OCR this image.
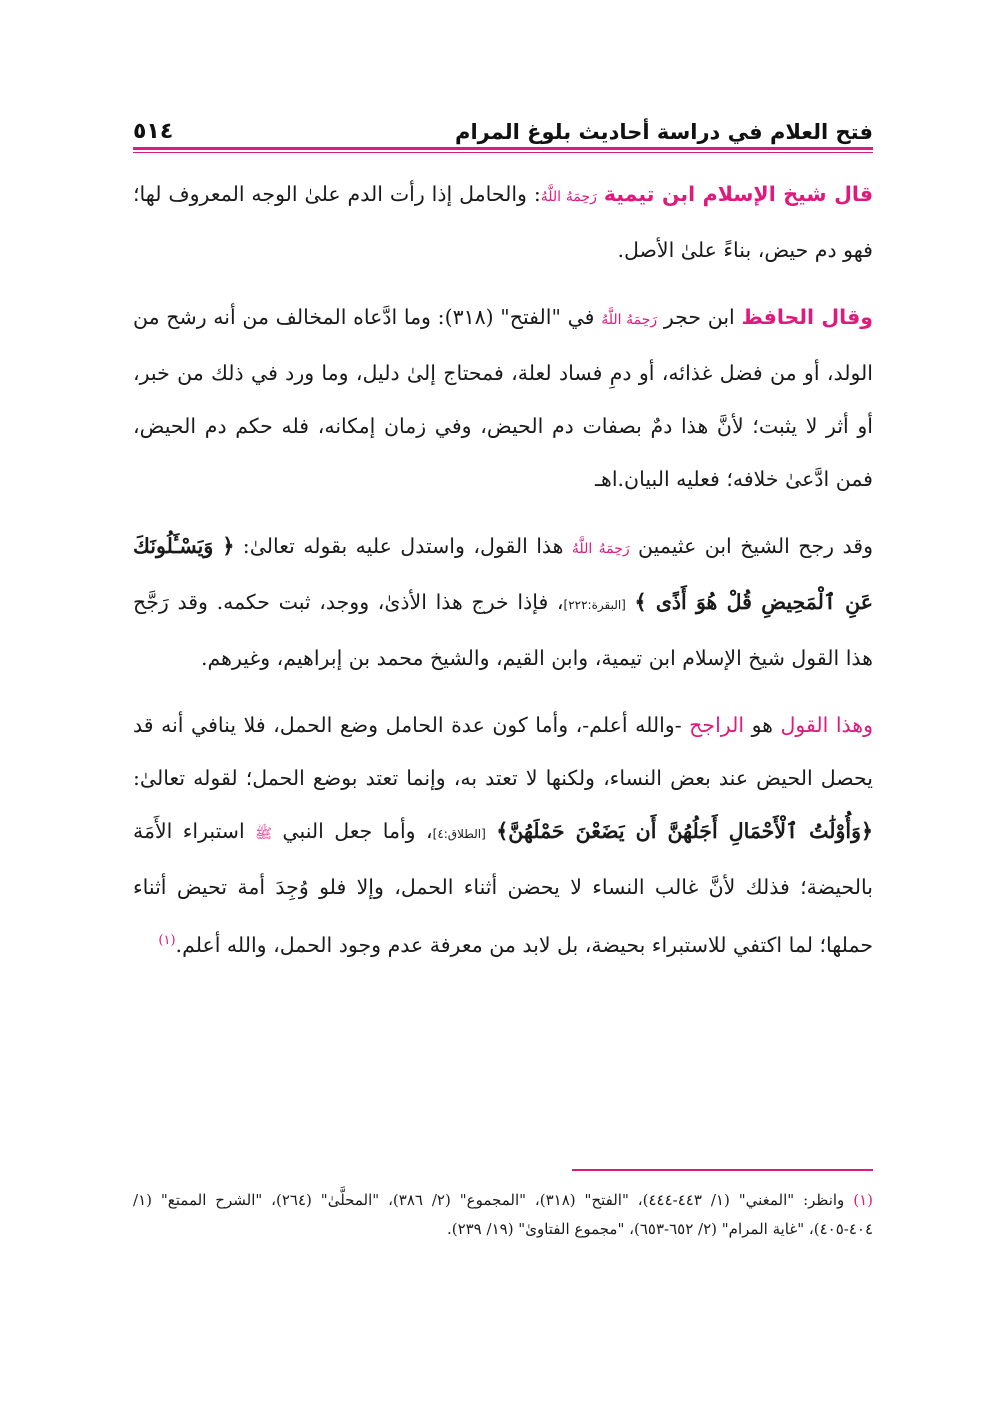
فتح العلام في دراسة أحاديث بلوغ المرام
٥١٤

قال شيخ الإسلام ابن تيمية رَحِمَهُ اللَّهُ: والحامل إذا رأت الدم علىٰ الوجه المعروف لها؛ فهو دم حيض، بناءً علىٰ الأصل.

وقال الحافظ ابن حجر رَحِمَهُ اللَّهُ في "الفتح" (٣١٨): وما ادَّعاه المخالف من أنه رشح من الولد، أو من فضل غذائه، أو دمِ فساد لعلة، فمحتاج إلىٰ دليل، وما ورد في ذلك من خبر، أو أثر لا يثبت؛ لأنَّ هذا دمٌ بصفات دم الحيض، وفي زمان إمكانه، فله حكم دم الحيض، فمن ادَّعىٰ خلافه؛ فعليه البيان.اهـ

وقد رجح الشيخ ابن عثيمين رَحِمَهُ اللَّهُ هذا القول، واستدل عليه بقوله تعالىٰ: ﴿ وَيَسْـَٔلُونَكَ عَنِ ٱلْمَحِيضِ قُلْ هُوَ أَذًى ﴾ [البقرة:٢٢٢]، فإذا خرج هذا الأذىٰ، ووجد، ثبت حكمه. وقد رَجَّح هذا القول شيخ الإسلام ابن تيمية، وابن القيم، والشيخ محمد بن إبراهيم، وغيرهم.

وهذا القول هو الراجح -والله أعلم-، وأما كون عدة الحامل وضع الحمل، فلا ينافي أنه قد يحصل الحيض عند بعض النساء، ولكنها لا تعتد به، وإنما تعتد بوضع الحمل؛ لقوله تعالىٰ: ﴿وَأُوْلَٰتُ ٱلْأَحْمَالِ أَجَلُهُنَّ أَن يَضَعْنَ حَمْلَهُنَّ﴾ [الطلاق:٤]، وأما جعل النبي ﷺ استبراء الأَمَة بالحيضة؛ فذلك لأنَّ غالب النساء لا يحضن أثناء الحمل، وإلا فلو وُجِدَ أمة تحيض أثناء حملها؛ لما اكتفي للاستبراء بحيضة، بل لابد من معرفة عدم وجود الحمل، والله أعلم.$^{(١)}$

(١) وانظر: "المغني" (١/ ٤٤٣-٤٤٤)، "الفتح" (٣١٨)، "المجموع" (٢/ ٣٨٦)، "المحلَّىٰ" (٢٦٤)، "الشرح الممتع" (١/ ٤٠٤-٤٠٥)، "غاية المرام" (٢/ ٦٥٢-٦٥٣)، "مجموع الفتاوىٰ" (١٩/ ٢٣٩).
